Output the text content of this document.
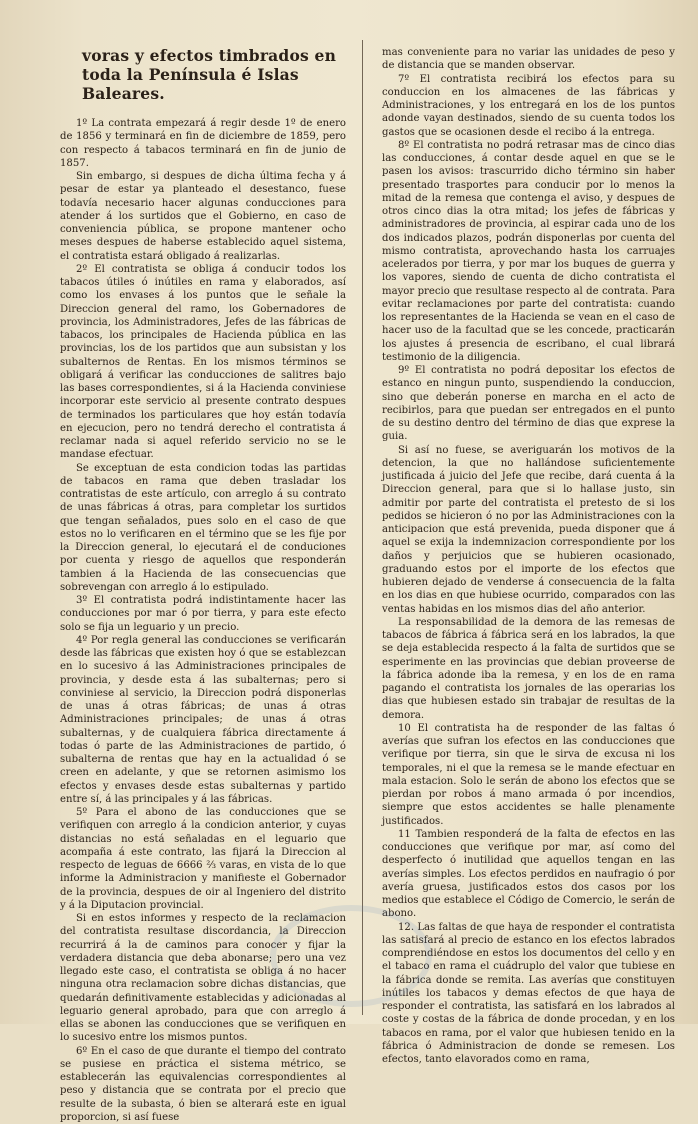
voras y efectos timbrados en toda la Península é Islas Baleares.

1º La contrata empezará á regir desde 1º de enero de 1856 y terminará en fin de diciembre de 1859, pero con respecto á tabacos terminará en fin de junio de 1857.

Sin embargo, si despues de dicha última fecha y á pesar de estar ya planteado el desestanco, fuese todavía necesario hacer algunas conducciones para atender á los surtidos que el Gobierno, en caso de conveniencia pública, se propone mantener ocho meses despues de haberse establecido aquel sistema, el contratista estará obligado á realizarlas.

2º El contratista se obliga á conducir todos los tabacos útiles ó inútiles en rama y elaborados, así como los envases á los puntos que le señale la Direccion general del ramo, los Gobernadores de provincia, los Administradores, Jefes de las fábricas de tabacos, los principales de Hacienda pública en las provincias, los de los partidos que aun subsistan y los subalternos de Rentas. En los mismos términos se obligará á verificar las conducciones de salitres bajo las bases correspondientes, si á la Hacienda conviniese incorporar este servicio al presente contrato despues de terminados los particulares que hoy están todavía en ejecucion, pero no tendrá derecho el contratista á reclamar nada si aquel referido servicio no se le mandase efectuar.

Se exceptuan de esta condicion todas las partidas de tabacos en rama que deben trasladar los contratistas de este artículo, con arreglo á su contrato de unas fábricas á otras, para completar los surtidos que tengan señalados, pues solo en el caso de que estos no lo verificaren en el término que se les fije por la Direccion general, lo ejecutará el de conduciones por cuenta y riesgo de aquellos que responderán tambien á la Hacienda de las consecuencias que sobrevengan con arreglo á lo estipulado.

3º El contratista podrá indistintamente hacer las conducciones por mar ó por tierra, y para este efecto solo se fija un leguario y un precio.

4º Por regla general las conducciones se verificarán desde las fábricas que existen hoy ó que se establezcan en lo sucesivo á las Administraciones principales de provincia, y desde esta á las subalternas; pero si conviniese al servicio, la Direccion podrá disponerlas de unas á otras fábricas; de unas á otras Administraciones principales; de unas á otras subalternas, y de cualquiera fábrica directamente á todas ó parte de las Administraciones de partido, ó subalterna de rentas que hay en la actualidad ó se creen en adelante, y que se retornen asimismo los efectos y envases desde estas subalternas y partido entre sí, á las principales y á las fábricas.

5º Para el abono de las conducciones que se verifiquen con arreglo á la condicion anterior, y cuyas distancias no está señaladas en el leguario que acompaña á este contrato, las fijará la Direccion al respecto de leguas de 6666 ⅔ varas, en vista de lo que informe la Administracion y manifieste el Gobernador de la provincia, despues de oir al Ingeniero del distrito y á la Diputacion provincial.

Si en estos informes y respecto de la reclamacion del contratista resultase discordancia, la Direccion recurrirá á la de caminos para conocer y fijar la verdadera distancia que deba abonarse; pero una vez llegado este caso, el contratista se obliga á no hacer ninguna otra reclamacion sobre dichas distancias, que quedarán definitivamente establecidas y adicionadas al leguario general aprobado, para que con arreglo á ellas se abonen las conducciones que se verifiquen en lo sucesivo entre los mismos puntos.

6º En el caso de que durante el tiempo del contrato se pusiese en práctica el sistema métrico, se establecerán las equivalencias correspondientes al peso y distancia que se contrata por el precio que resulte de la subasta, ó bien se alterará este en igual proporcion, si así fuese

mas conveniente para no variar las unidades de peso y de distancia que se manden observar.

7º El contratista recibirá los efectos para su conduccion en los almacenes de las fábricas y Administraciones, y los entregará en los de los puntos adonde vayan destinados, siendo de su cuenta todos los gastos que se ocasionen desde el recibo á la entrega.

8º El contratista no podrá retrasar mas de cinco dias las conducciones, á contar desde aquel en que se le pasen los avisos: trascurrido dicho término sin haber presentado trasportes para conducir por lo menos la mitad de la remesa que contenga el aviso, y despues de otros cinco dias la otra mitad; los jefes de fábricas y administradores de provincia, al espirar cada uno de los dos indicados plazos, podrán disponerlas por cuenta del mismo contratista, aprovechando hasta los carruajes acelerados por tierra, y por mar los buques de guerra y los vapores, siendo de cuenta de dicho contratista el mayor precio que resultase respecto al de contrata. Para evitar reclamaciones por parte del contratista: cuando los representantes de la Hacienda se vean en el caso de hacer uso de la facultad que se les concede, practicarán los ajustes á presencia de escribano, el cual librará testimonio de la diligencia.

9º El contratista no podrá depositar los efectos de estanco en ningun punto, suspendiendo la conduccion, sino que deberán ponerse en marcha en el acto de recibirlos, para que puedan ser entregados en el punto de su destino dentro del término de dias que exprese la guia.

Si así no fuese, se averiguarán los motivos de la detencion, la que no hallándose suficientemente justificada á juicio del Jefe que recibe, dará cuenta á la Direccion general, para que si lo hallase justo, sin admitir por parte del contratista el pretesto de si los pedidos se hicieron ó no por las Administraciones con la anticipacion que está prevenida, pueda disponer que á aquel se exija la indemnizacion correspondiente por los daños y perjuicios que se hubieren ocasionado, graduando estos por el importe de los efectos que hubieren dejado de venderse á consecuencia de la falta en los dias en que hubiese ocurrido, comparados con las ventas habidas en los mismos dias del año anterior.

La responsabilidad de la demora de las remesas de tabacos de fábrica á fábrica será en los labrados, la que se deja establecida respecto á la falta de surtidos que se esperimente en las provincias que debian proveerse de la fábrica adonde iba la remesa, y en los de en rama pagando el contratista los jornales de las operarias los dias que hubiesen estado sin trabajar de resultas de la demora.

10 El contratista ha de responder de las faltas ó averías que sufran los efectos en las conducciones que verifique por tierra, sin que le sirva de excusa ni los temporales, ni el que la remesa se le mande efectuar en mala estacion. Solo le serán de abono los efectos que se pierdan por robos á mano armada ó por incendios, siempre que estos accidentes se halle plenamente justificados.

11 Tambien responderá de la falta de efectos en las conducciones que verifique por mar, así como del desperfecto ó inutilidad que aquellos tengan en las averías simples. Los efectos perdidos en naufragio ó por avería gruesa, justificados estos dos casos por los medios que establece el Código de Comercio, le serán de abono.

12. Las faltas de que haya de responder el contratista las satisfará al precio de estanco en los efectos labrados comprendiéndose en estos los documentos del cello y en el tabaco en rama el cuádruplo del valor que tubiese en la fábrica donde se remita. Las averías que constituyen inútiles los tabacos y demas efectos de que haya de responder el contratista, las satisfará en los labrados al coste y costas de la fábrica de donde procedan, y en los tabacos en rama, por el valor que hubiesen tenido en la fábrica ó Administracion de donde se remesen. Los efectos, tanto elavorados como en rama,
